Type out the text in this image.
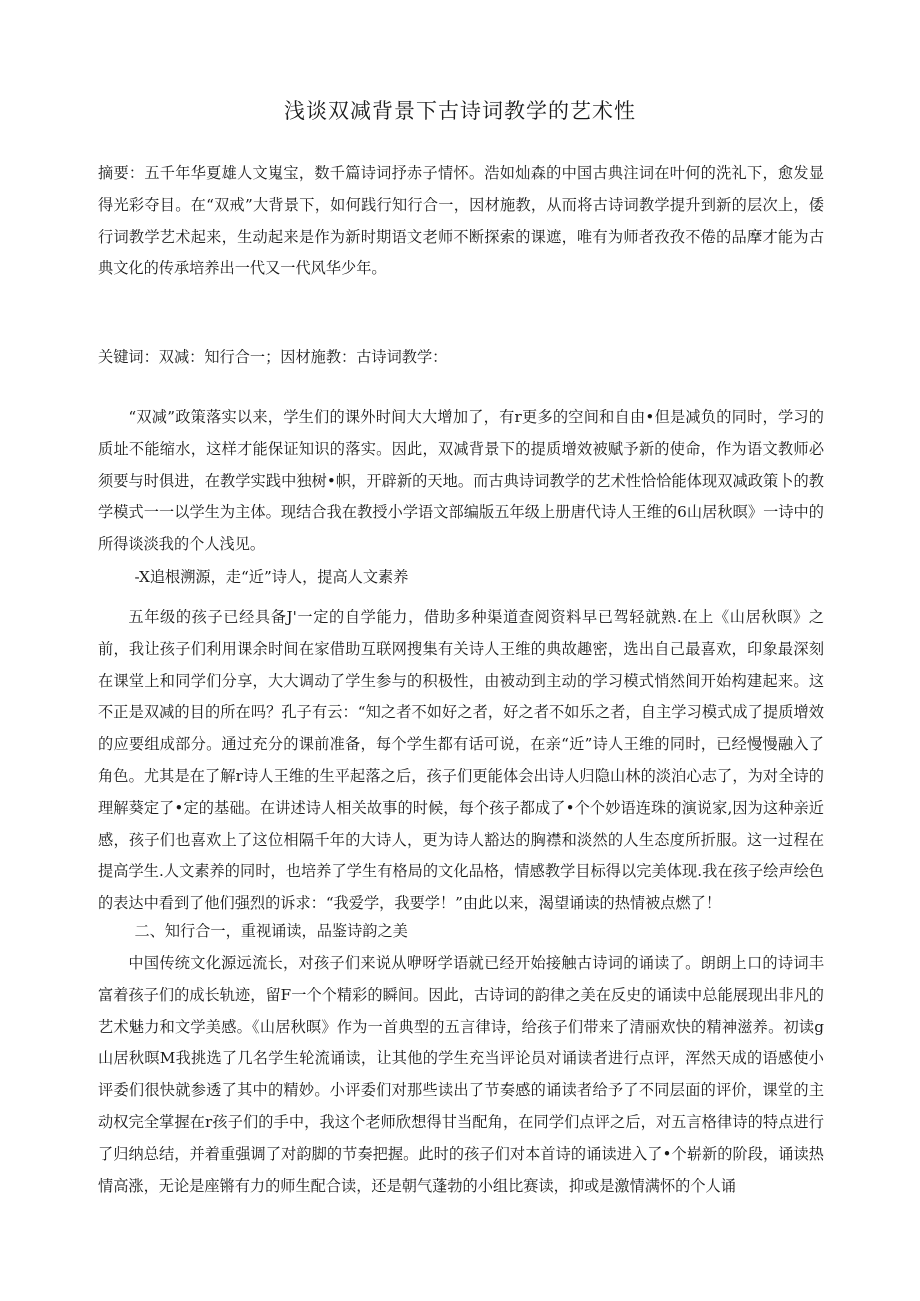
浅谈双减背景下古诗词教学的艺术性

摘要：五千年华夏雄人文嵬宝，数千篇诗词抒赤子情怀。浩如灿森的中国古典注词在叶何的洗礼下，愈发显得光彩夺目。在“双戒”大背景下，如何践行知行合一，因材施教，从而将古诗词教学提升到新的层次上，倭行词教学艺术起来，生动起来是作为新时期语文老师不断探索的课遮，唯有为师者孜孜不倦的品摩才能为古典文化的传承培养出一代又一代风华少年。

关键词：双减：知行合一；因材施教：古诗词教学：

“双减”政策落实以来，学生们的课外时间大大增加了，有r更多的空间和自由•但是减负的同时，学习的质址不能缩水，这样才能保证知识的落实。因此，双减背景下的提质增效被赋予新的使命，作为语文教师必须要与时俱进，在教学实践中独树•帜，开辟新的天地。而古典诗词教学的艺术性恰恰能体现双减政策卜的教学模式一一以学生为主体。现结合我在教授小学语文部编版五年级上册唐代诗人王维的6山居秋暝》一诗中的所得谈淡我的个人浅见。

-X追根溯源，走“近”诗人，提高人文素养

五年级的孩子已经具备J'一定的自学能力，借助多种渠道查阅资料早已驾轻就熟.在上《山居秋暝》之前，我让孩子们利用课余时间在家借助互联网搜集有关诗人王维的典故趣密，选出自己最喜欢，印象最深刻在课堂上和同学们分享，大大调动了学生参与的积极性，由被动到主动的学习模式悄然间开始构建起来。这不正是双减的目的所在吗？孔子有云：“知之者不如好之者，好之者不如乐之者，自主学习模式成了提质增效的应要组成部分。通过充分的课前准备，每个学生都有话可说，在亲“近”诗人王维的同时，已经慢慢融入了角色。尤其是在了解r诗人王维的生平起落之后，孩子们更能体会出诗人归隐山林的淡泊心志了，为对全诗的理解葵定了•定的基础。在讲述诗人相关故事的时候，每个孩子都成了•个个妙语连珠的演说家,因为这种亲近感，孩子们也喜欢上了这位相隔千年的大诗人，更为诗人豁达的胸襟和淡然的人生态度所折服。这一过程在提高学生.人文素养的同时，也培养了学生有格局的文化品格，情感教学目标得以完美体现.我在孩子绘声绘色的表达中看到了他们强烈的诉求：“我爱学，我要学！”由此以来，渴望诵读的热情被点燃了！

二、知行合一，重视诵读，品鉴诗韵之美

中国传统文化源远流长，对孩子们来说从咿呀学语就已经开始接触古诗词的诵读了。朗朗上口的诗词丰富着孩子们的成长轨迹，留F一个个精彩的瞬间。因此，古诗词的韵律之美在反史的诵读中总能展现出非凡的艺术魅力和文学美感。《山居秋暝》作为一首典型的五言律诗，给孩子们带来了清丽欢快的精神滋养。初读g山居秋暝M我挑选了几名学生轮流诵读，让其他的学生充当评论员对诵读者进行点评，浑然天成的语感使小评委们很快就参透了其中的精妙。小评委们对那些读出了节奏感的诵读者给予了不同层面的评价，课堂的主动权完全掌握在r孩子们的手中，我这个老师欣想得甘当配角，在同学们点评之后，对五言格律诗的特点进行了归纳总结，并着重强调了对韵脚的节奏把握。此时的孩子们对本首诗的诵读进入了•个崭新的阶段，诵读热情高涨，无论是座锵有力的师生配合读，还是朝气蓬勃的小组比赛读，抑或是激情满怀的个人诵
